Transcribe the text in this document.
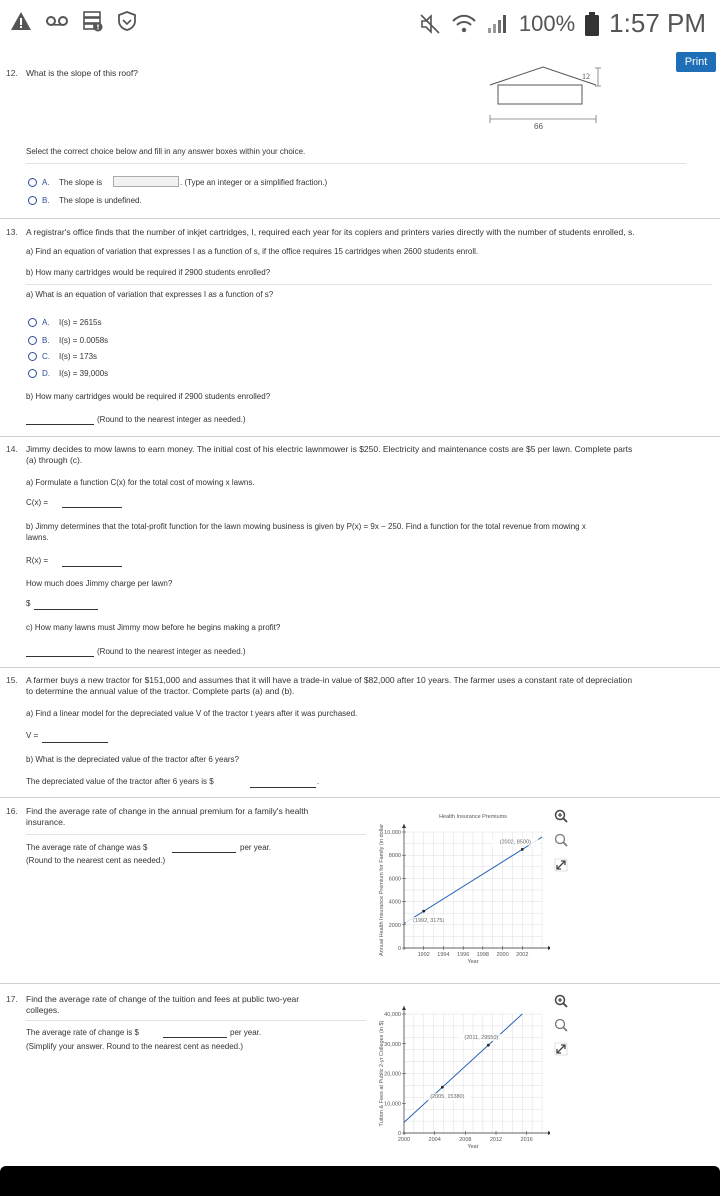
100% 1:57 PM
Print
12. What is the slope of this roof?	12
66
Select the correct choice below and fill in any answer boxes within your choice.
A. The slope is	. (Type an integer or a simplified fraction.)
B. The slope is undefined.
13. A registrar's office finds that the number of inkjet cartridges, I, required each year for its copiers and printers varies directly with the number of students enrolled, s.
a) Find an equation of variation that expresses I as a function of s, if the office requires 15 cartridges when 2600 students enroll.
b) How many cartridges would be required if 2900 students enrolled?
a) What is an equation of variation that expresses I as a function of s?
A. I(s) = 2615s
B. I(s) = 0.0058s
C. I(s) = 173s
D. I(s) = 39,000s
b) How many cartridges would be required if 2900 students enrolled?
(Round to the nearest integer as needed.)
14. Jimmy decides to mow lawns to earn money. The initial cost of his electric lawnmower is $250. Electricity and maintenance costs are $5 per lawn. Complete parts
(a) through (c).
a) Formulate a function C(x) for the total cost of mowing x lawns.
C(x) =
b) Jimmy determines that the total-profit function for the lawn mowing business is given by P(x) = 9x − 250. Find a function for the total revenue from mowing x
lawns.
R(x) =
How much does Jimmy charge per lawn?
$
c) How many lawns must Jimmy mow before he begins making a profit?
(Round to the nearest integer as needed.)
15. A farmer buys a new tractor for $151,000 and assumes that it will have a trade-in value of $82,000 after 10 years. The farmer uses a constant rate of depreciation
to determine the annual value of the tractor. Complete parts (a) and (b).
a) Find a linear model for the depreciated value V of the tractor t years after it was purchased.
V =
b) What is the depreciated value of the tractor after 6 years?
The depreciated value of the tractor after 6 years is $	.
16. Find the average rate of change in the annual premium for a family's health
insurance.
The average rate of change was $	per year.
(Round to the nearest cent as needed.)
Health Insurance Premiums
1992 1994 1996 1998 2000 2002
0
2000
4000
6000
8000
10,000
Year
Annual Health Insurance Premium for Family (in dollar	(1992, 3175)
(2002, 8500)
17. Find the average rate of change of the tuition and fees at public two-year
colleges.
The average rate of change is $	per year.
(Simplify your answer. Round to the nearest cent as needed.)
2000	2004	2008	2012	2016
0
10,000
20,000
30,000
40,000
Year
Tuition & Fees at Public 2-yr Colleges (in $)	(2005, 15380)
(2011, 29550)
